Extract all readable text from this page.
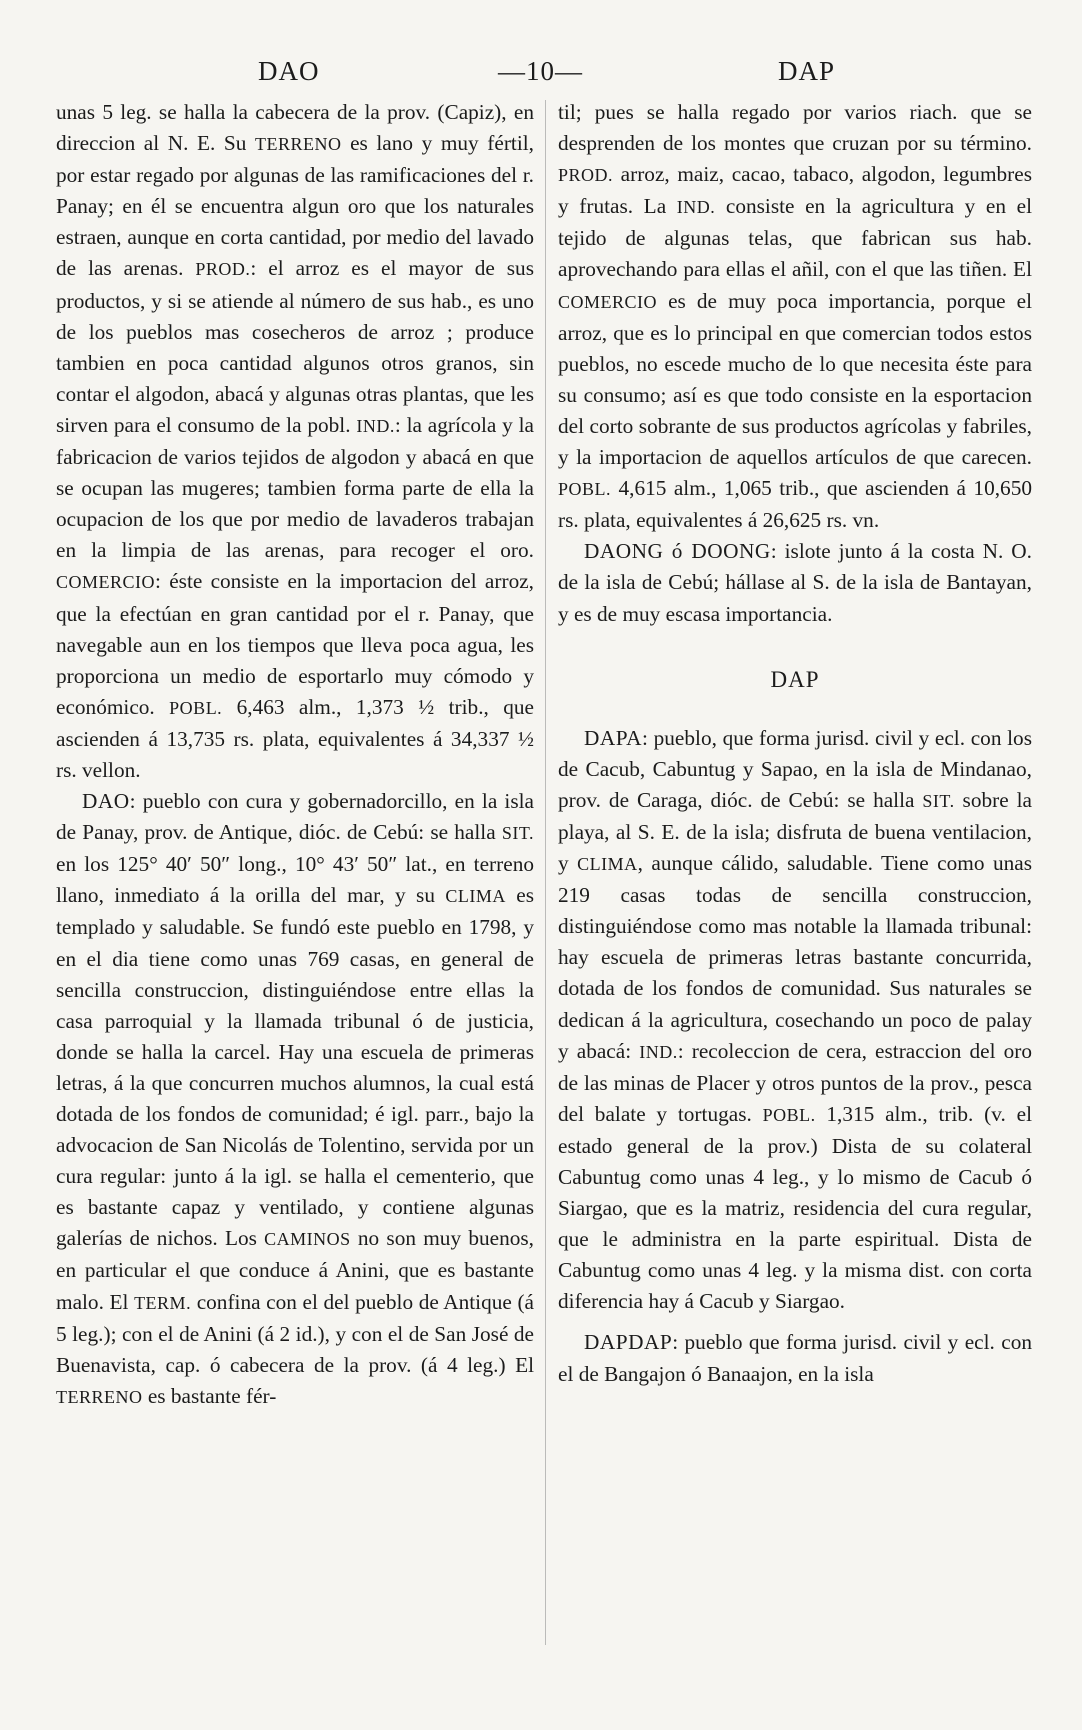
DAO	—10—	DAP

unas 5 leg. se halla la cabecera de la prov. (Capiz), en direccion al N. E. Su TERRENO es lano y muy fértil, por estar regado por algunas de las ramificaciones del r. Panay; en él se encuentra algun oro que los naturales estraen, aunque en corta cantidad, por medio del lavado de las arenas. PROD.: el arroz es el mayor de sus productos, y si se atiende al número de sus hab., es uno de los pueblos mas cosecheros de arroz ; produce tambien en poca cantidad algunos otros granos, sin contar el algodon, abacá y algunas otras plantas, que les sirven para el consumo de la pobl. IND.: la agrícola y la fabricacion de varios tejidos de algodon y abacá en que se ocupan las mugeres; tambien forma parte de ella la ocupacion de los que por medio de lavaderos trabajan en la limpia de las arenas, para recoger el oro. COMERCIO: éste consiste en la importacion del arroz, que la efectúan en gran cantidad por el r. Panay, que navegable aun en los tiempos que lleva poca agua, les proporciona un medio de esportarlo muy cómodo y económico. POBL. 6,463 alm., 1,373 ½ trib., que ascienden á 13,735 rs. plata, equivalentes á 34,337 ½ rs. vellon.

DAO: pueblo con cura y gobernadorcillo, en la isla de Panay, prov. de Antique, dióc. de Cebú: se halla SIT. en los 125° 40′ 50″ long., 10° 43′ 50″ lat., en terreno llano, inmediato á la orilla del mar, y su CLIMA es templado y saludable. Se fundó este pueblo en 1798, y en el dia tiene como unas 769 casas, en general de sencilla construccion, distinguiéndose entre ellas la casa parroquial y la llamada tribunal ó de justicia, donde se halla la carcel. Hay una escuela de primeras letras, á la que concurren muchos alumnos, la cual está dotada de los fondos de comunidad; é igl. parr., bajo la advocacion de San Nicolás de Tolentino, servida por un cura regular: junto á la igl. se halla el cementerio, que es bastante capaz y ventilado, y contiene algunas galerías de nichos. Los CAMINOS no son muy buenos, en particular el que conduce á Anini, que es bastante malo. El TERM. confina con el del pueblo de Antique (á 5 leg.); con el de Anini (á 2 id.), y con el de San José de Buenavista, cap. ó cabecera de la prov. (á 4 leg.) El TERRENO es bastante fér-

til; pues se halla regado por varios riach. que se desprenden de los montes que cruzan por su término. PROD. arroz, maiz, cacao, tabaco, algodon, legumbres y frutas. La IND. consiste en la agricultura y en el tejido de algunas telas, que fabrican sus hab. aprovechando para ellas el añil, con el que las tiñen. El COMERCIO es de muy poca importancia, porque el arroz, que es lo principal en que comercian todos estos pueblos, no escede mucho de lo que necesita éste para su consumo; así es que todo consiste en la esportacion del corto sobrante de sus productos agrícolas y fabriles, y la importacion de aquellos artículos de que carecen. POBL. 4,615 alm., 1,065 trib., que ascienden á 10,650 rs. plata, equivalentes á 26,625 rs. vn.

DAONG ó DOONG: islote junto á la costa N. O. de la isla de Cebú; hállase al S. de la isla de Bantayan, y es de muy escasa importancia.

DAP

DAPA: pueblo, que forma jurisd. civil y ecl. con los de Cacub, Cabuntug y Sapao, en la isla de Mindanao, prov. de Caraga, dióc. de Cebú: se halla SIT. sobre la playa, al S. E. de la isla; disfruta de buena ventilacion, y CLIMA, aunque cálido, saludable. Tiene como unas 219 casas todas de sencilla construccion, distinguiéndose como mas notable la llamada tribunal: hay escuela de primeras letras bastante concurrida, dotada de los fondos de comunidad. Sus naturales se dedican á la agricultura, cosechando un poco de palay y abacá: IND.: recoleccion de cera, estraccion del oro de las minas de Placer y otros puntos de la prov., pesca del balate y tortugas. POBL. 1,315 alm., trib. (v. el estado general de la prov.) Dista de su colateral Cabuntug como unas 4 leg., y lo mismo de Cacub ó Siargao, que es la matriz, residencia del cura regular, que le administra en la parte espiritual. Dista de Cabuntug como unas 4 leg. y la misma dist. con corta diferencia hay á Cacub y Siargao.

DAPDAP: pueblo que forma jurisd. civil y ecl. con el de Bangajon ó Banaajon, en la isla
